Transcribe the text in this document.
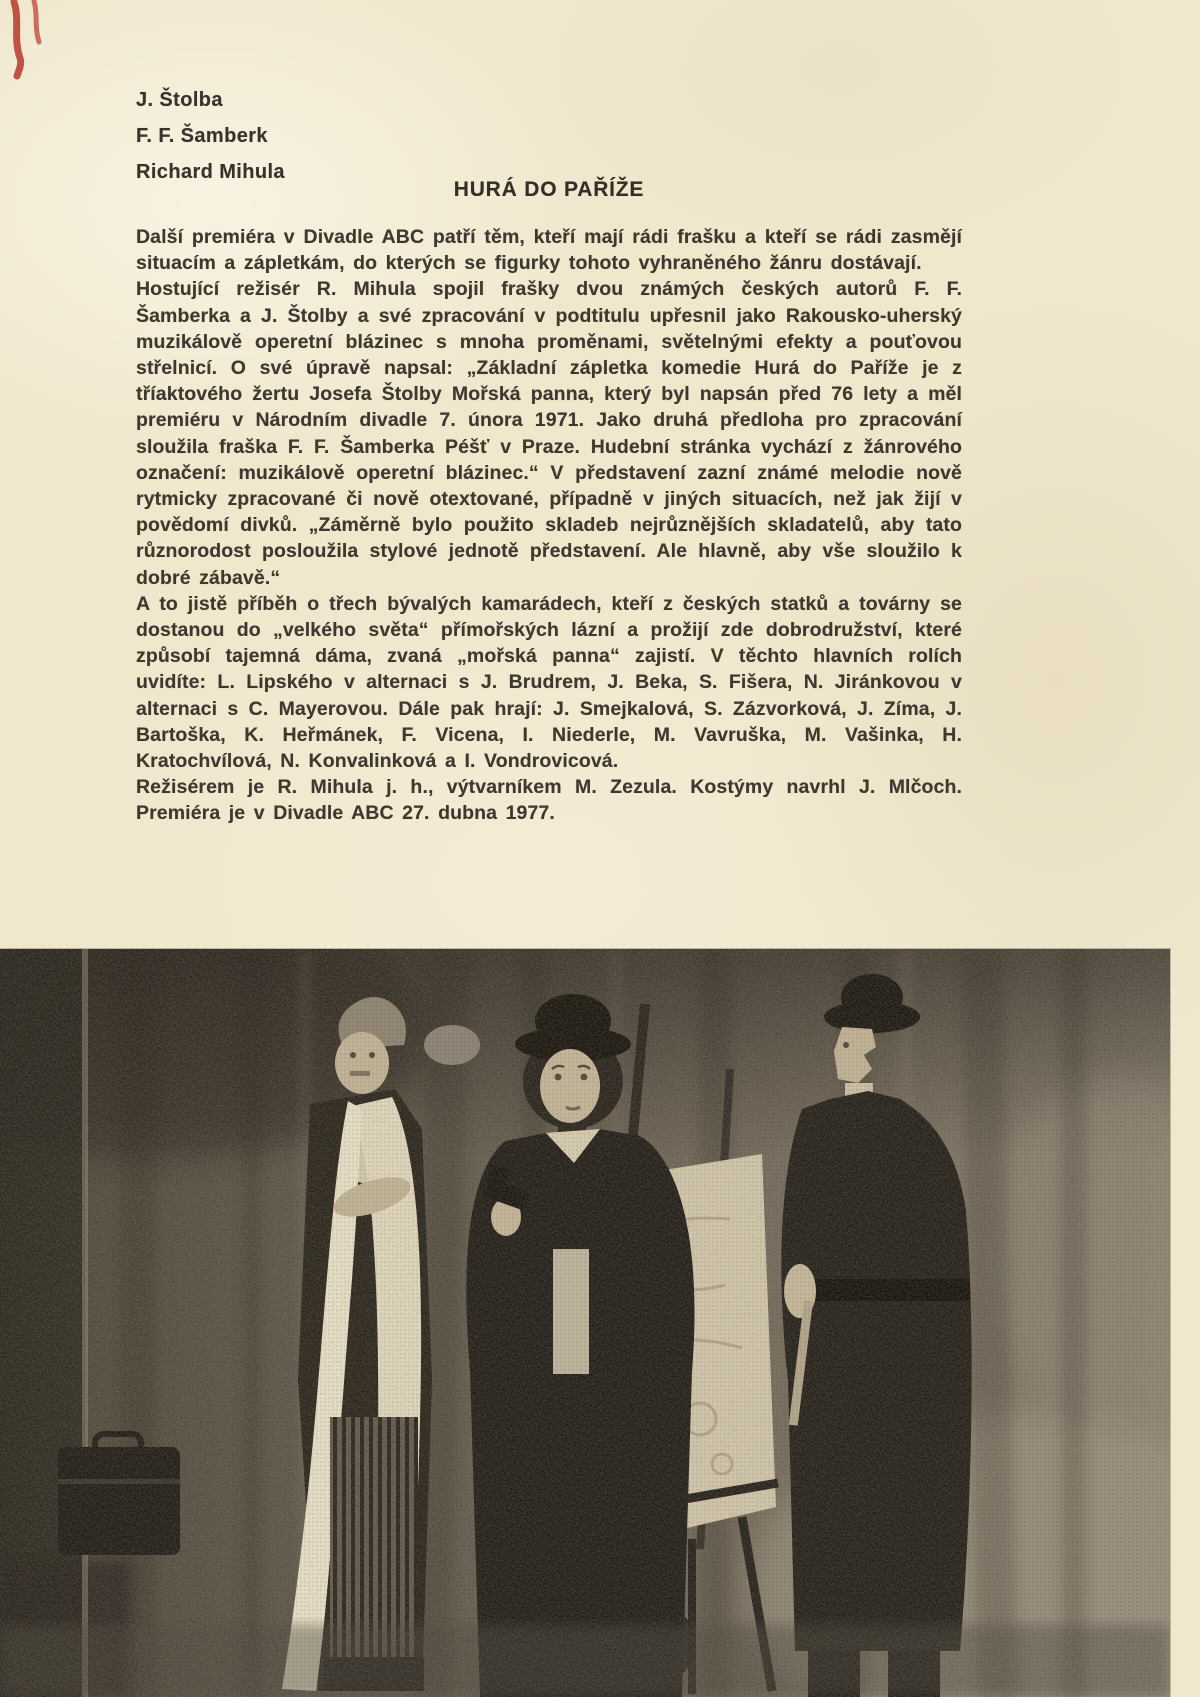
J. Štolba
F. F. Šamberk
Richard Mihula
HURÁ DO PAŘÍŽE

Další premiéra v Divadle ABC patří těm, kteří mají rádi frašku a kteří se rádi zasmějí situacím a zápletkám, do kterých se figurky tohoto vyhraněného žánru dostávají.

Hostující režisér R. Mihula spojil frašky dvou známých českých autorů F. F. Šamberka a J. Štolby a své zpracování v podtitulu upřesnil jako Rakousko-uherský muzikálově operetní blázinec s mnoha proměnami, světelnými efekty a pouťovou střelnicí. O své úpravě napsal: „Základní zápletka komedie Hurá do Paříže je z tříaktového žertu Josefa Štolby Mořská panna, který byl napsán před 76 lety a měl premiéru v Národním divadle 7. února 1971. Jako druhá předloha pro zpracování sloužila fraška F. F. Šamberka Péšť v Praze. Hudební stránka vychází z žánrového označení: muzikálově operetní blázinec.“ V představení zazní známé melodie nově rytmicky zpracované či nově otextované, případně v jiných situacích, než jak žijí v povědomí divků. „Záměrně bylo použito skladeb nejrůznějších skladatelů, aby tato různorodost posloužila stylové jednotě představení. Ale hlavně, aby vše sloužilo k dobré zábavě.“

A to jistě příběh o třech bývalých kamarádech, kteří z českých statků a továrny se dostanou do „velkého světa“ přímořských lázní a prožijí zde dobrodružství, které způsobí tajemná dáma, zvaná „mořská panna“ zajistí. V těchto hlavních rolích uvidíte: L. Lipského v alternaci s J. Brudrem, J. Beka, S. Fišera, N. Jiránkovou v alternaci s C. Mayerovou. Dále pak hrají: J. Smejkalová, S. Zázvorková, J. Zíma, J. Bartoška, K. Heřmánek, F. Vicena, I. Niederle, M. Vavruška, M. Vašinka, H. Kratochvílová, N. Konvalinková a I. Vondrovicová.

Režisérem je R. Mihula j. h., výtvarníkem M. Zezula. Kostýmy navrhl J. Mlčoch. Premiéra je v Divadle ABC 27. dubna 1977.
